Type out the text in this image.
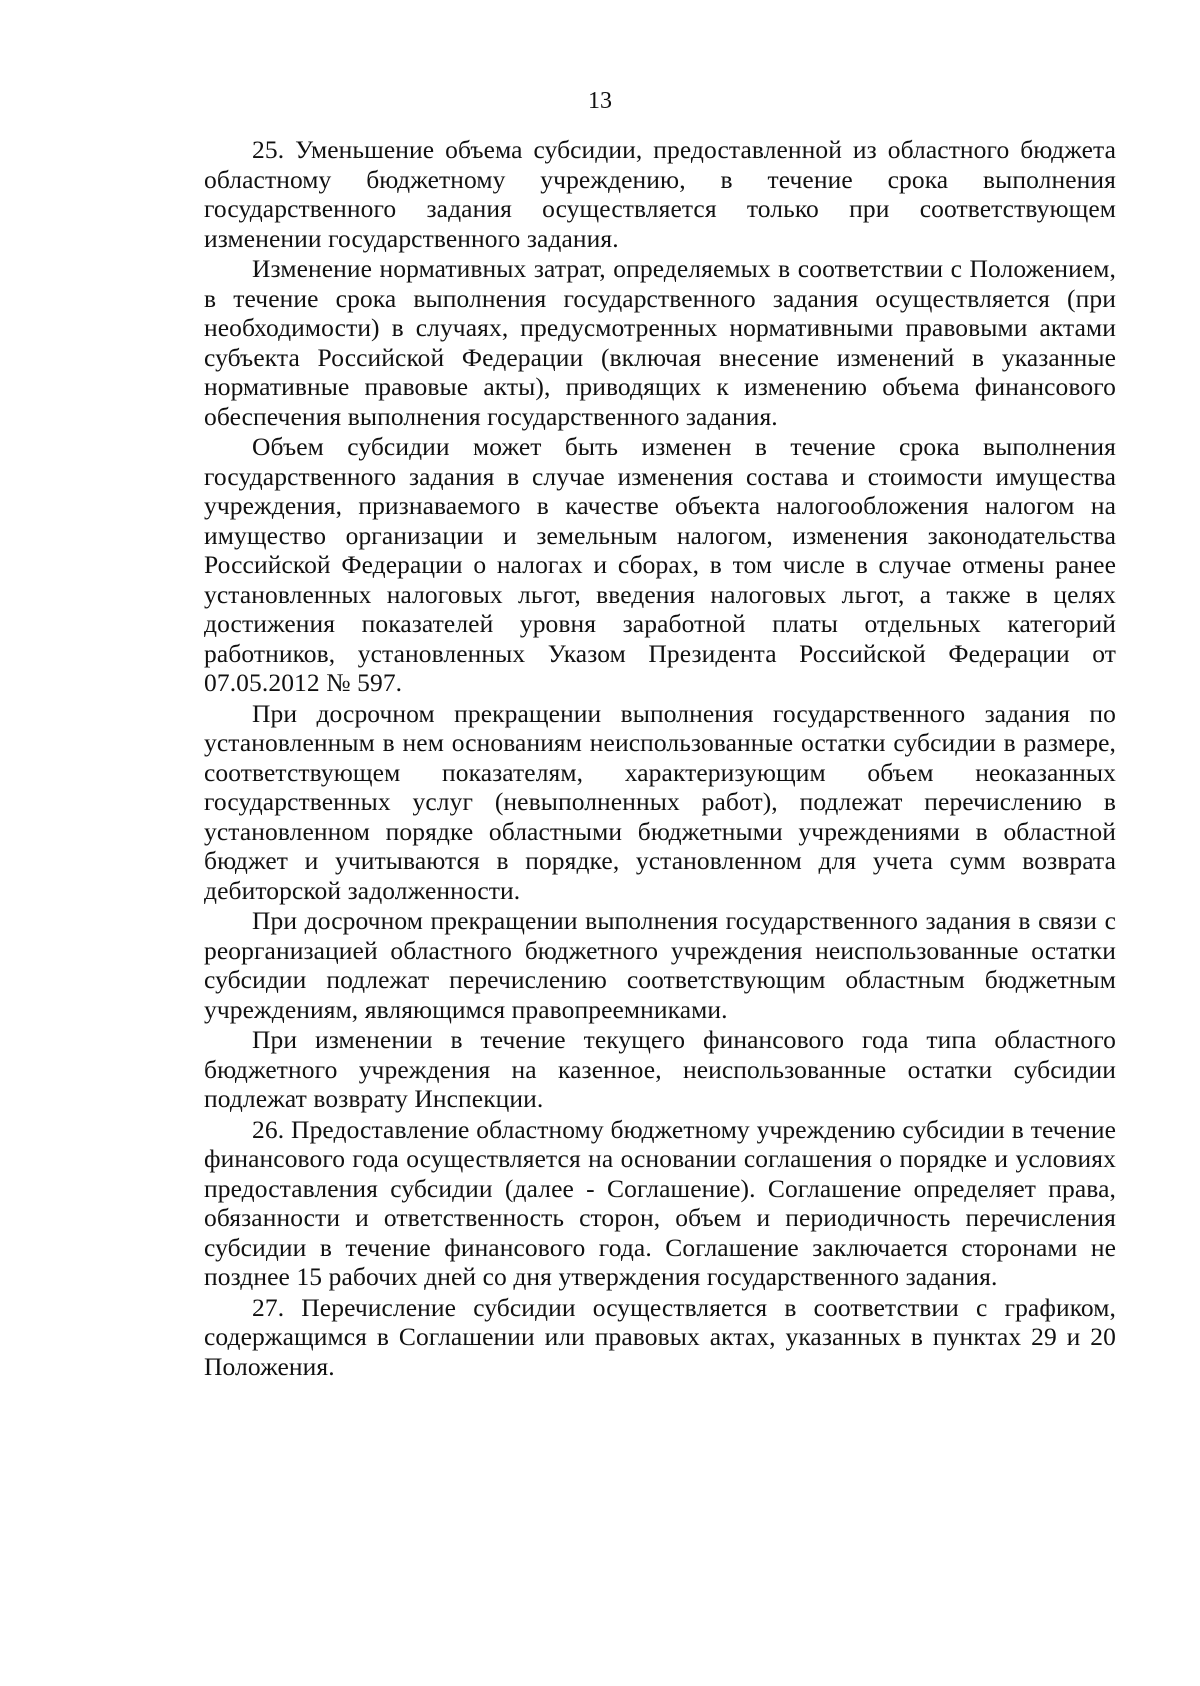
13

25. Уменьшение объема субсидии, предоставленной из областного бюджета областному бюджетному учреждению, в течение срока выполнения государственного задания осуществляется только при соответствующем изменении государственного задания.

Изменение нормативных затрат, определяемых в соответствии с Положением, в течение срока выполнения государственного задания осуществляется (при необходимости) в случаях, предусмотренных нормативными правовыми актами субъекта Российской Федерации (включая внесение изменений в указанные нормативные правовые акты), приводящих к изменению объема финансового обеспечения выполнения государственного задания.

Объем субсидии может быть изменен в течение срока выполнения государственного задания в случае изменения состава и стоимости имущества учреждения, признаваемого в качестве объекта налогообложения налогом на имущество организации и земельным налогом, изменения законодательства Российской Федерации о налогах и сборах, в том числе в случае отмены ранее установленных налоговых льгот, введения налоговых льгот, а также в целях достижения показателей уровня заработной платы отдельных категорий работников, установленных Указом Президента Российской Федерации от 07.05.2012 № 597.

При досрочном прекращении выполнения государственного задания по установленным в нем основаниям неиспользованные остатки субсидии в размере, соответствующем показателям, характеризующим объем неоказанных государственных услуг (невыполненных работ), подлежат перечислению в установленном порядке областными бюджетными учреждениями в областной бюджет и учитываются в порядке, установленном для учета сумм возврата дебиторской задолженности.

При досрочном прекращении выполнения государственного задания в связи с реорганизацией областного бюджетного учреждения неиспользованные остатки субсидии подлежат перечислению соответствующим областным бюджетным учреждениям, являющимся правопреемниками.

При изменении в течение текущего финансового года типа областного бюджетного учреждения на казенное, неиспользованные остатки субсидии подлежат возврату Инспекции.

26. Предоставление областному бюджетному учреждению субсидии в течение финансового года осуществляется на основании соглашения о порядке и условиях предоставления субсидии (далее - Соглашение). Соглашение определяет права, обязанности и ответственность сторон, объем и периодичность перечисления субсидии в течение финансового года. Соглашение заключается сторонами не позднее 15 рабочих дней со дня утверждения государственного задания.

27. Перечисление субсидии осуществляется в соответствии с графиком, содержащимся в Соглашении или правовых актах, указанных в пунктах 29 и 20 Положения.
